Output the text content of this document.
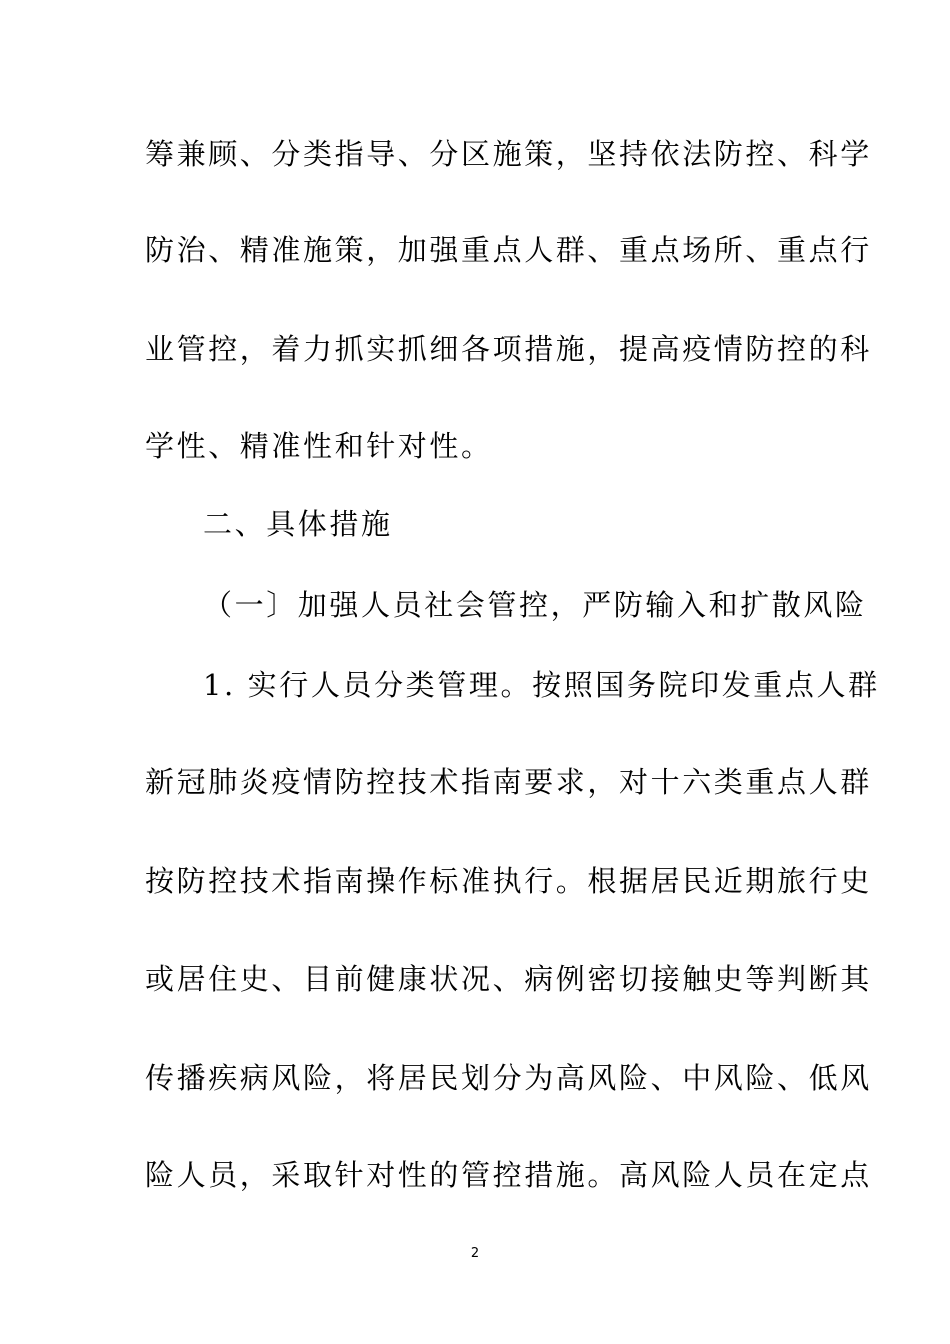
筹兼顾、分类指导、分区施策，坚持依法防控、科学
防治、精准施策，加强重点人群、重点场所、重点行
业管控，着力抓实抓细各项措施，提高疫情防控的科
学性、精准性和针对性。
二、具体措施
（一〕加强人员社会管控，严防输入和扩散风险
1. 实行人员分类管理。按照国务院印发重点人群
新冠肺炎疫情防控技术指南要求，对十六类重点人群
按防控技术指南操作标准执行。根据居民近期旅行史
或居住史、目前健康状况、病例密切接触史等判断其
传播疾病风险，将居民划分为高风险、中风险、低风
险人员，采取针对性的管控措施。高风险人员在定点
2
